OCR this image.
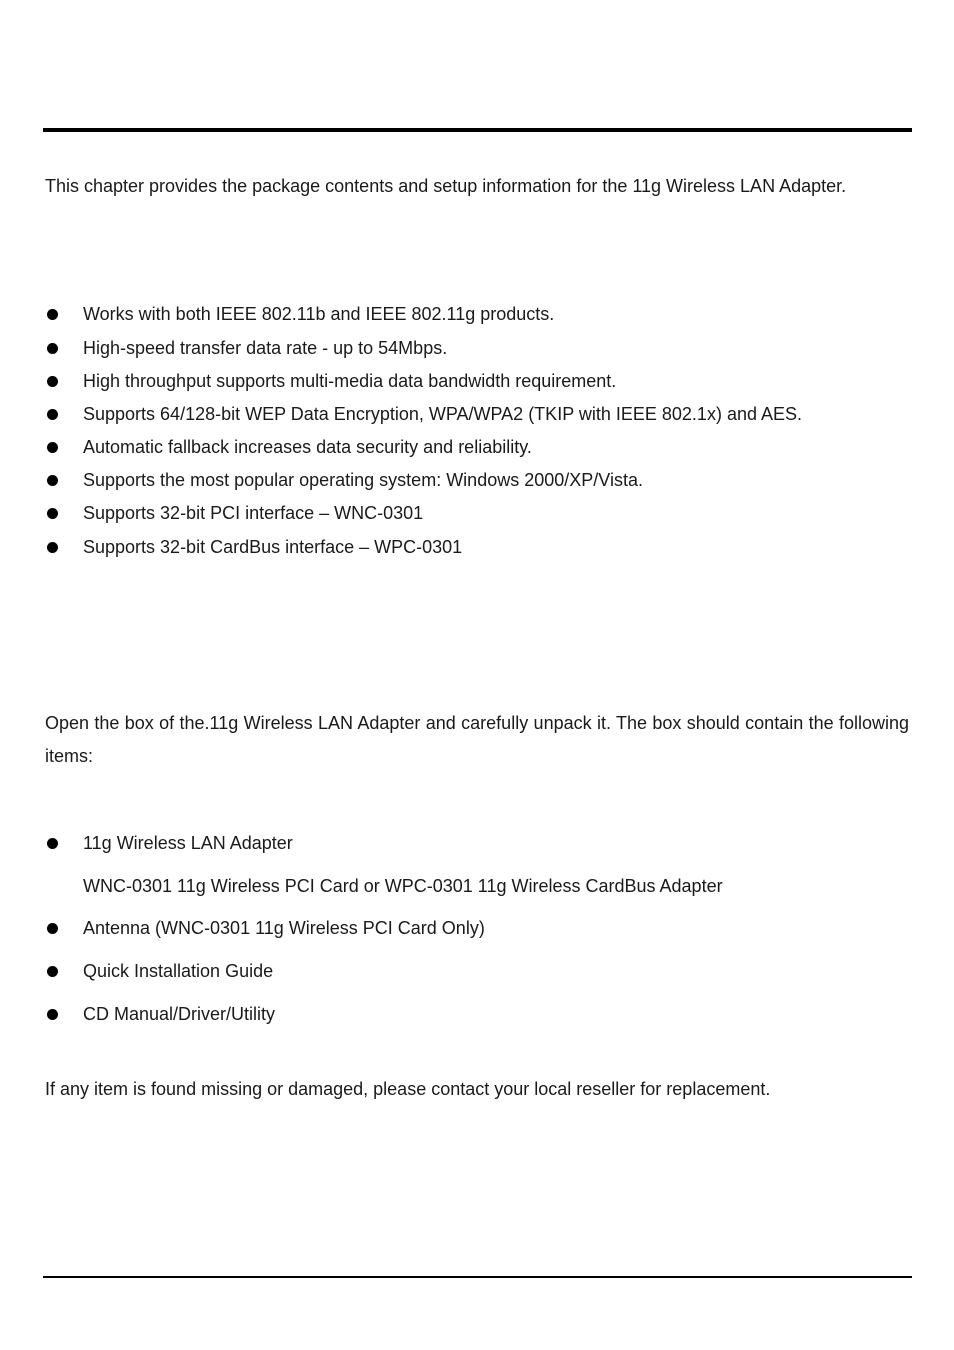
This chapter provides the package contents and setup information for the 11g Wireless LAN Adapter.
Works with both IEEE 802.11b and IEEE 802.11g products.
High-speed transfer data rate - up to 54Mbps.
High throughput supports multi-media data bandwidth requirement.
Supports 64/128-bit WEP Data Encryption, WPA/WPA2 (TKIP with IEEE 802.1x) and AES.
Automatic fallback increases data security and reliability.
Supports the most popular operating system: Windows 2000/XP/Vista.
Supports 32-bit PCI interface – WNC-0301
Supports 32-bit CardBus interface – WPC-0301
Open the box of the.11g Wireless LAN Adapter and carefully unpack it. The box should contain the following items:
11g Wireless LAN Adapter
WNC-0301 11g Wireless PCI Card or WPC-0301 11g Wireless CardBus Adapter
Antenna (WNC-0301 11g Wireless PCI Card Only)
Quick Installation Guide
CD Manual/Driver/Utility
If any item is found missing or damaged, please contact your local reseller for replacement.
